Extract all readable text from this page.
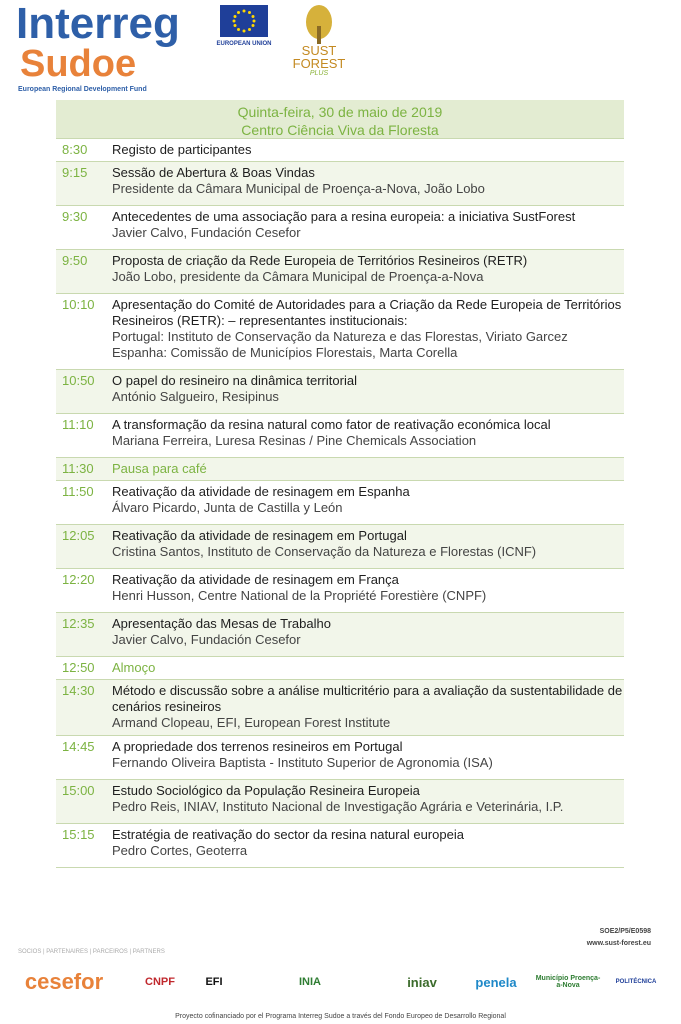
Interreg
Sudoe
European Regional Development Fund
EUROPEAN UNION	SUST
FOREST
PLUS
Quinta-feira, 30 de maio de 2019
Centro Ciência Viva da Floresta
8:30	Registo de participantes
9:15	Sessão de Abertura & Boas Vindas
Presidente da Câmara Municipal de Proença-a-Nova, João Lobo
9:30	Antecedentes de uma associação para a resina europeia: a iniciativa SustForest
Javier Calvo, Fundación Cesefor
9:50	Proposta de criação da Rede Europeia de Territórios Resineiros (RETR)
João Lobo, presidente da Câmara Municipal de Proença-a-Nova
10:10	Apresentação do Comité de Autoridades para a Criação da Rede Europeia de Territórios Resineiros (RETR): – representantes institucionais:
Portugal: Instituto de Conservação da Natureza e das Florestas, Viriato Garcez
Espanha: Comissão de Municípios Florestais, Marta Corella
10:50	O papel do resineiro na dinâmica territorial
António Salgueiro, Resipinus
11:10	A transformação da resina natural como fator de reativação económica local
Mariana Ferreira, Luresa Resinas / Pine Chemicals Association
11:30	Pausa para café
11:50	Reativação da atividade de resinagem em Espanha
Álvaro Picardo, Junta de Castilla y León
12:05	Reativação da atividade de resinagem em Portugal
Cristina Santos, Instituto de Conservação da Natureza e Florestas (ICNF)
12:20	Reativação da atividade de resinagem em França
Henri Husson, Centre National de la Propriété Forestière (CNPF)
12:35	Apresentação das Mesas de Trabalho
Javier Calvo, Fundación Cesefor
12:50	Almoço
14:30	Método e discussão sobre a análise multicritério para a avaliação da sustentabilidade de cenários resineiros
Armand Clopeau, EFI, European Forest Institute
14:45	A propriedade dos terrenos resineiros em Portugal
Fernando Oliveira Baptista - Instituto Superior de Agronomia (ISA)
15:00	Estudo Sociológico da População Resineira Europeia
Pedro Reis, INIAV, Instituto Nacional de Investigação Agrária e Veterinária, I.P.
15:15	Estratégia de reativação do sector da resina natural europeia
Pedro Cortes, Geoterra
SOE2/P5/E0598
www.sust-forest.eu
SOCIOS | PARTENAIRES | PARCEIROS | PARTNERS
cesefor	CNPF	EFI	INIA	iniav	penela	Município Proença-a-Nova	POLITÉCNICA
Proyecto cofinanciado por el Programa Interreg Sudoe a través del Fondo Europeo de Desarrollo Regional
